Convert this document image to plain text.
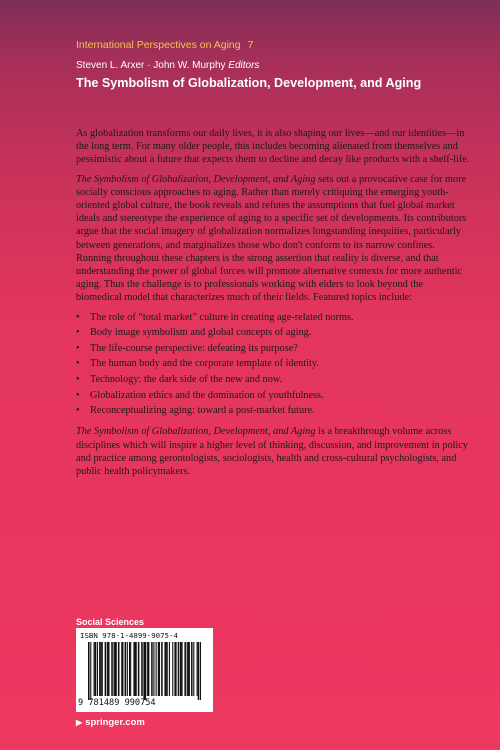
International Perspectives on Aging 7
Steven L. Arxer · John W. Murphy Editors
The Symbolism of Globalization, Development, and Aging

As globalization transforms our daily lives, it is also shaping our lives—and our identities—in the long term. For many older people, this includes becoming alienated from themselves and pessimistic about a future that expects them to decline and decay like products with a shelf-life.

The Symbolism of Globalization, Development, and Aging sets out a provocative case for more socially conscious approaches to aging. Rather than merely critiquing the emerging youth-oriented global culture, the book reveals and refutes the assumptions that fuel global market ideals and stereotype the experience of aging to a specific set of developments. Its contributors argue that the social imagery of globalization normalizes longstanding inequities, particularly between generations, and marginalizes those who don't conform to its narrow confines. Running throughout these chapters is the strong assertion that reality is diverse, and that understanding the power of global forces will promote alternative contexts for more authentic aging. Thus the challenge is to professionals working with elders to look beyond the biomedical model that characterizes much of their fields. Featured topics include:

• The role of “total market” culture in creating age-related norms.
• Body image symbolism and global concepts of aging.
• The life-course perspective: defeating its purpose?
• The human body and the corporate template of identity.
• Technology: the dark side of the new and now.
• Globalization ethics and the domination of youthfulness.
• Reconceptualizing aging: toward a post-market future.

The Symbolism of Globalization, Development, and Aging is a breakthrough volume across disciplines which will inspire a higher level of thinking, discussion, and improvement in policy and practice among gerontologists, sociologists, health and cross-cultural psychologists, and public health policymakers.

Social Sciences
ISBN 978-1-4899-9075-4
9 781489 990754
▶ springer.com
